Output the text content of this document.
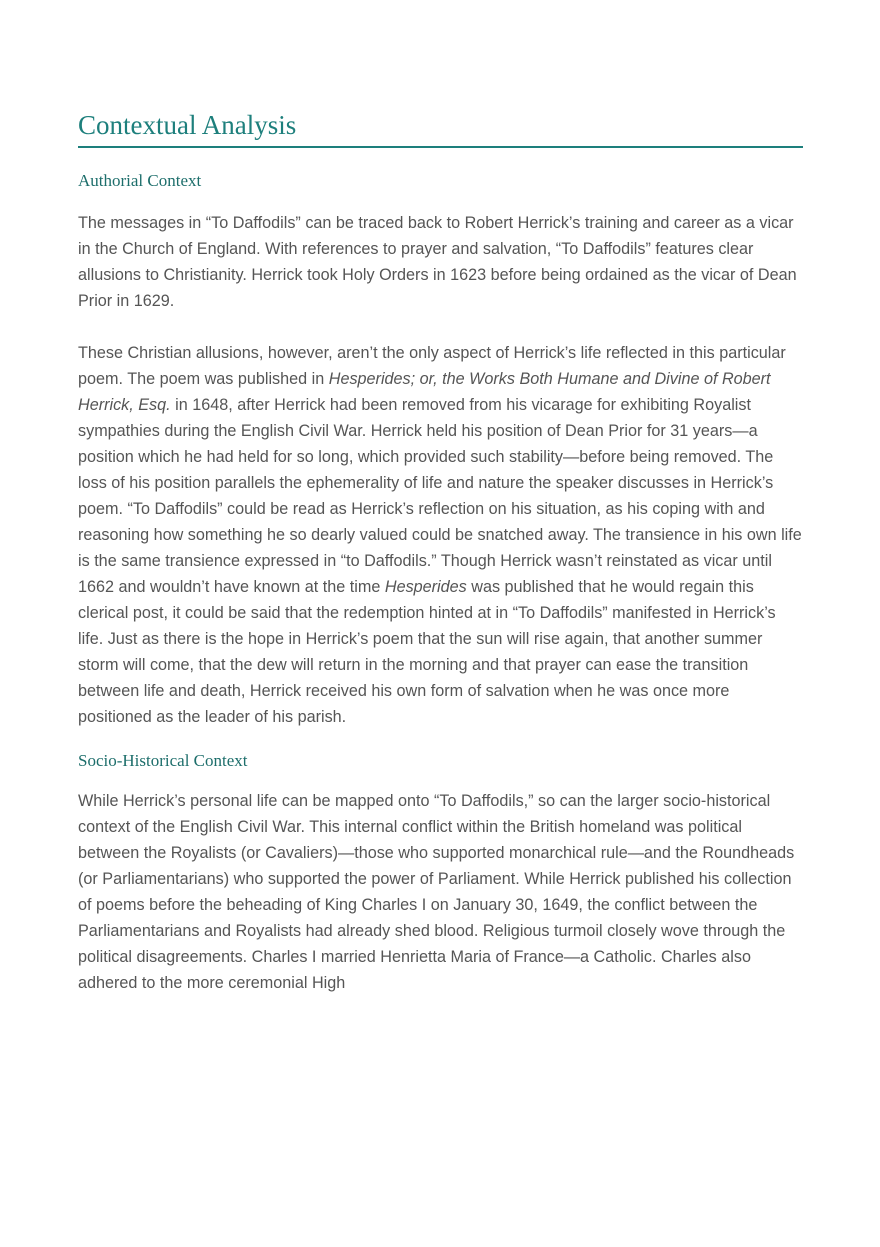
Contextual Analysis
Authorial Context

The messages in “To Daffodils” can be traced back to Robert Herrick’s training and career as a vicar in the Church of England. With references to prayer and salvation, “To Daffodils” features clear allusions to Christianity. Herrick took Holy Orders in 1623 before being ordained as the vicar of Dean Prior in 1629.

These Christian allusions, however, aren’t the only aspect of Herrick’s life reflected in this particular poem. The poem was published in Hesperides; or, the Works Both Humane and Divine of Robert Herrick, Esq. in 1648, after Herrick had been removed from his vicarage for exhibiting Royalist sympathies during the English Civil War. Herrick held his position of Dean Prior for 31 years—a position which he had held for so long, which provided such stability—before being removed. The loss of his position parallels the ephemerality of life and nature the speaker discusses in Herrick’s poem. “To Daffodils” could be read as Herrick’s reflection on his situation, as his coping with and reasoning how something he so dearly valued could be snatched away. The transience in his own life is the same transience expressed in “to Daffodils.” Though Herrick wasn’t reinstated as vicar until 1662 and wouldn’t have known at the time Hesperides was published that he would regain this clerical post, it could be said that the redemption hinted at in “To Daffodils” manifested in Herrick’s life. Just as there is the hope in Herrick’s poem that the sun will rise again, that another summer storm will come, that the dew will return in the morning and that prayer can ease the transition between life and death, Herrick received his own form of salvation when he was once more positioned as the leader of his parish.

Socio-Historical Context

While Herrick’s personal life can be mapped onto “To Daffodils,” so can the larger socio-historical context of the English Civil War. This internal conflict within the British homeland was political between the Royalists (or Cavaliers)—those who supported monarchical rule—and the Roundheads (or Parliamentarians) who supported the power of Parliament. While Herrick published his collection of poems before the beheading of King Charles I on January 30, 1649, the conflict between the Parliamentarians and Royalists had already shed blood. Religious turmoil closely wove through the political disagreements. Charles I married Henrietta Maria of France—a Catholic. Charles also adhered to the more ceremonial High
